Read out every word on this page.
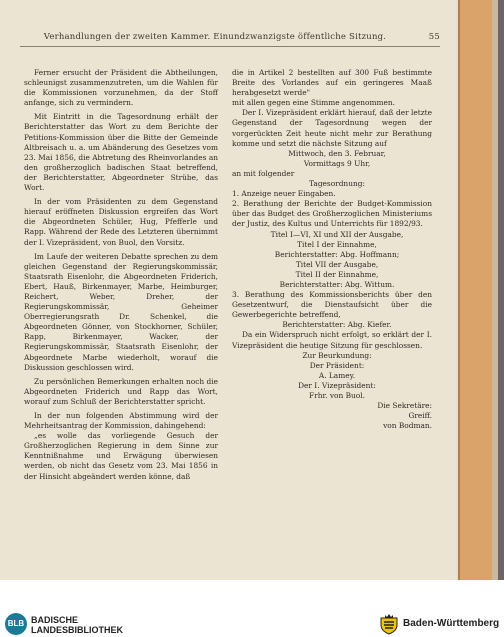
Verhandlungen der zweiten Kammer. Einundzwanzigste öffentliche Sitzung.	55

Ferner ersucht der Präsident die Abtheilungen, schleunigst zusammenzutreten, um die Wahlen für die Kommissionen vorzunehmen, da der Stoff anfange, sich zu vermindern.

Mit Eintritt in die Tagesordnung erhält der Berichterstatter das Wort zu dem Berichte der Petitions-Kommission über die Bitte der Gemeinde Altbreisach u. a. um Abänderung des Gesetzes vom 23. Mai 1856, die Abtretung des Rheinvorlandes an den großherzoglich badischen Staat betreffend, der Berichterstatter, Abgeordneter Strübe, das Wort.

In der vom Präsidenten zu dem Gegenstand hierauf eröffneten Diskussion ergreifen das Wort die Abgeordneten Schüler, Hug, Pfefferle und Rapp. Während der Rede des Letzteren übernimmt der I. Vizepräsident, von Buol, den Vorsitz.

Im Laufe der weiteren Debatte sprechen zu dem gleichen Gegenstand der Regierungskommissär, Staatsrath Eisenlohr, die Abgeordneten Friderich, Ebert, Hauß, Birkenmayer, Marbe, Heimburger, Reichert, Weber, Dreher, der Regierungskommissär, Geheimer Oberregierungsrath Dr. Schenkel, die Abgeordneten Gönner, von Stockhorner, Schüler, Rapp, Birkenmayer, Wacker, der Regierungskommissär, Staatsrath Eisenlohr, der Abgeordnete Marbe wiederholt, worauf die Diskussion geschlossen wird.

Zu persönlichen Bemerkungen erhalten noch die Abgeordneten Friderich und Rapp das Wort, worauf zum Schluß der Berichterstatter spricht.

In der nun folgenden Abstimmung wird der Mehrheitsantrag der Kommission, dahingehend:

„es wolle das vorliegende Gesuch der Großherzoglichen Regierung in dem Sinne zur Kenntnißnahme und Erwägung überwiesen werden, ob nicht das Gesetz vom 23. Mai 1856 in der Hinsicht abgeändert werden könne, daß

die in Artikel 2 bestellten auf 300 Fuß bestimmte Breite des Vorlandes auf ein geringeres Maaß herabgesetzt werde"

mit allen gegen eine Stimme angenommen.

Der I. Vizepräsident erklärt hierauf, daß der letzte Gegenstand der Tagesordnung wegen der vorgerückten Zeit heute nicht mehr zur Berathung komme und setzt die nächste Sitzung auf

Mittwoch, den 3. Februar,

Vormittags 9 Uhr,

an mit folgender

Tagesordnung:

1. Anzeige neuer Eingaben.

2. Berathung der Berichte der Budget-Kommission über das Budget des Großherzoglichen Ministeriums der Justiz, des Kultus und Unterrichts für 1892/93.

Titel I—VI, XI und XII der Ausgabe,

Titel I der Einnahme,

Berichterstatter: Abg. Hoffmann;

Titel VII der Ausgabe,

Titel II der Einnahme,

Berichterstatter: Abg. Wittum.

3. Berathung des Kommissionsberichts über den Gesetzentwurf, die Dienstaufsicht über die Gewerbegerichte betreffend,

Berichterstatter: Abg. Kiefer.

Da ein Widerspruch nicht erfolgt, so erklärt der I. Vizepräsident die heutige Sitzung für geschlossen.

Zur Beurkundung:

Der Präsident:

A. Lamey.

Der I. Vizepräsident:

Frhr. von Buol.

Die Sekretäre:

Greiff.

von Bodman.

BLB BADISCHE
LANDESBIBLIOTHEK
Baden-Württemberg
